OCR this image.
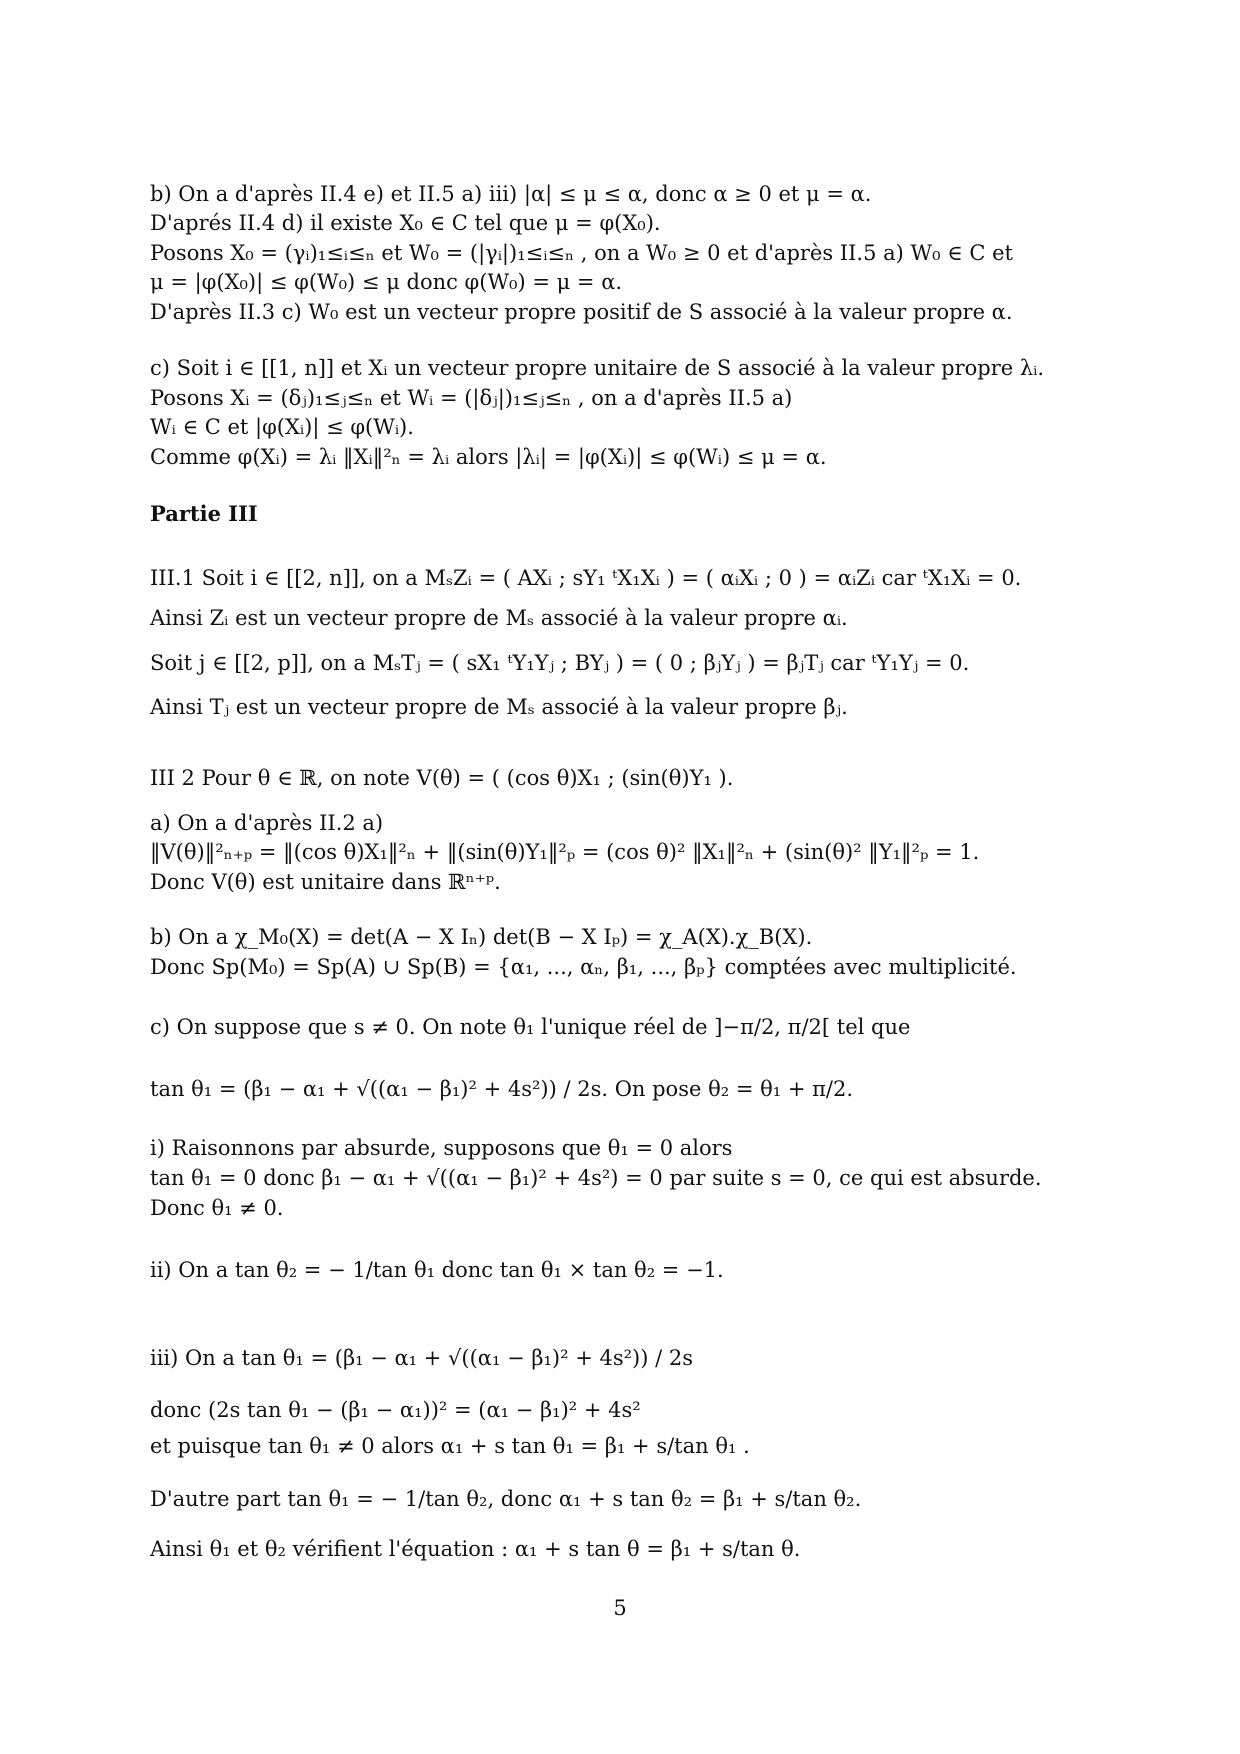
b) On a d'après II.4 e) et II.5 a) iii) |α| ≤ μ ≤ α, donc α ≥ 0 et μ = α.
D'aprés II.4 d) il existe X₀ ∈ C tel que μ = φ(X₀).
Posons X₀ = (γᵢ)₁≤ᵢ≤ₙ et W₀ = (|γᵢ|)₁≤ᵢ≤ₙ , on a W₀ ≥ 0 et d'après II.5 a) W₀ ∈ C et
μ = |φ(X₀)| ≤ φ(W₀) ≤ μ donc φ(W₀) = μ = α.
D'après II.3 c) W₀ est un vecteur propre positif de S associé à la valeur propre α.
c) Soit i ∈ [[1, n]] et Xᵢ un vecteur propre unitaire de S associé à la valeur propre λᵢ.
Posons Xᵢ = (δⱼ)₁≤ⱼ≤ₙ et Wᵢ = (|δⱼ|)₁≤ⱼ≤ₙ , on a d'après II.5 a)
Wᵢ ∈ C et |φ(Xᵢ)| ≤ φ(Wᵢ).
Comme φ(Xᵢ) = λᵢ ‖Xᵢ‖²ₙ = λᵢ alors |λᵢ| = |φ(Xᵢ)| ≤ φ(Wᵢ) ≤ μ = α.
Partie III
III.1 Soit i ∈ [[2, n]], on a MₛZᵢ = ( AXᵢ ; sY₁ ᵗX₁Xᵢ ) = ( αᵢXᵢ ; 0 ) = αᵢZᵢ car ᵗX₁Xᵢ = 0.
Ainsi Zᵢ est un vecteur propre de Mₛ associé à la valeur propre αᵢ.
Soit j ∈ [[2, p]], on a MₛTⱼ = ( sX₁ ᵗY₁Yⱼ ; BYⱼ ) = ( 0 ; βⱼYⱼ ) = βⱼTⱼ car ᵗY₁Yⱼ = 0.
Ainsi Tⱼ est un vecteur propre de Mₛ associé à la valeur propre βⱼ.
III 2 Pour θ ∈ ℝ, on note V(θ) = ( (cos θ)X₁ ; (sin(θ)Y₁ ).
a) On a d'après II.2 a)
‖V(θ)‖²ₙ₊ₚ = ‖(cos θ)X₁‖²ₙ + ‖(sin(θ)Y₁‖²ₚ = (cos θ)² ‖X₁‖²ₙ + (sin(θ)² ‖Y₁‖²ₚ = 1.
Donc V(θ) est unitaire dans ℝⁿ⁺ᵖ.
b) On a χ_M₀(X) = det(A − X Iₙ) det(B − X Iₚ) = χ_A(X).χ_B(X).
Donc Sp(M₀) = Sp(A) ∪ Sp(B) = {α₁, ..., αₙ, β₁, ..., βₚ} comptées avec multiplicité.
c) On suppose que s ≠ 0. On note θ₁ l'unique réel de ]−π/2, π/2[ tel que
tan θ₁ = (β₁ − α₁ + √((α₁ − β₁)² + 4s²)) / 2s. On pose θ₂ = θ₁ + π/2.
i) Raisonnons par absurde, supposons que θ₁ = 0 alors
tan θ₁ = 0 donc β₁ − α₁ + √((α₁ − β₁)² + 4s²) = 0 par suite s = 0, ce qui est absurde.
Donc θ₁ ≠ 0.
ii) On a tan θ₂ = − 1/tan θ₁ donc tan θ₁ × tan θ₂ = −1.
iii) On a tan θ₁ = (β₁ − α₁ + √((α₁ − β₁)² + 4s²)) / 2s
donc (2s tan θ₁ − (β₁ − α₁))² = (α₁ − β₁)² + 4s²
et puisque tan θ₁ ≠ 0 alors α₁ + s tan θ₁ = β₁ + s/tan θ₁ .
D'autre part tan θ₁ = − 1/tan θ₂, donc α₁ + s tan θ₂ = β₁ + s/tan θ₂.
Ainsi θ₁ et θ₂ vérifient l'équation : α₁ + s tan θ = β₁ + s/tan θ.
5
